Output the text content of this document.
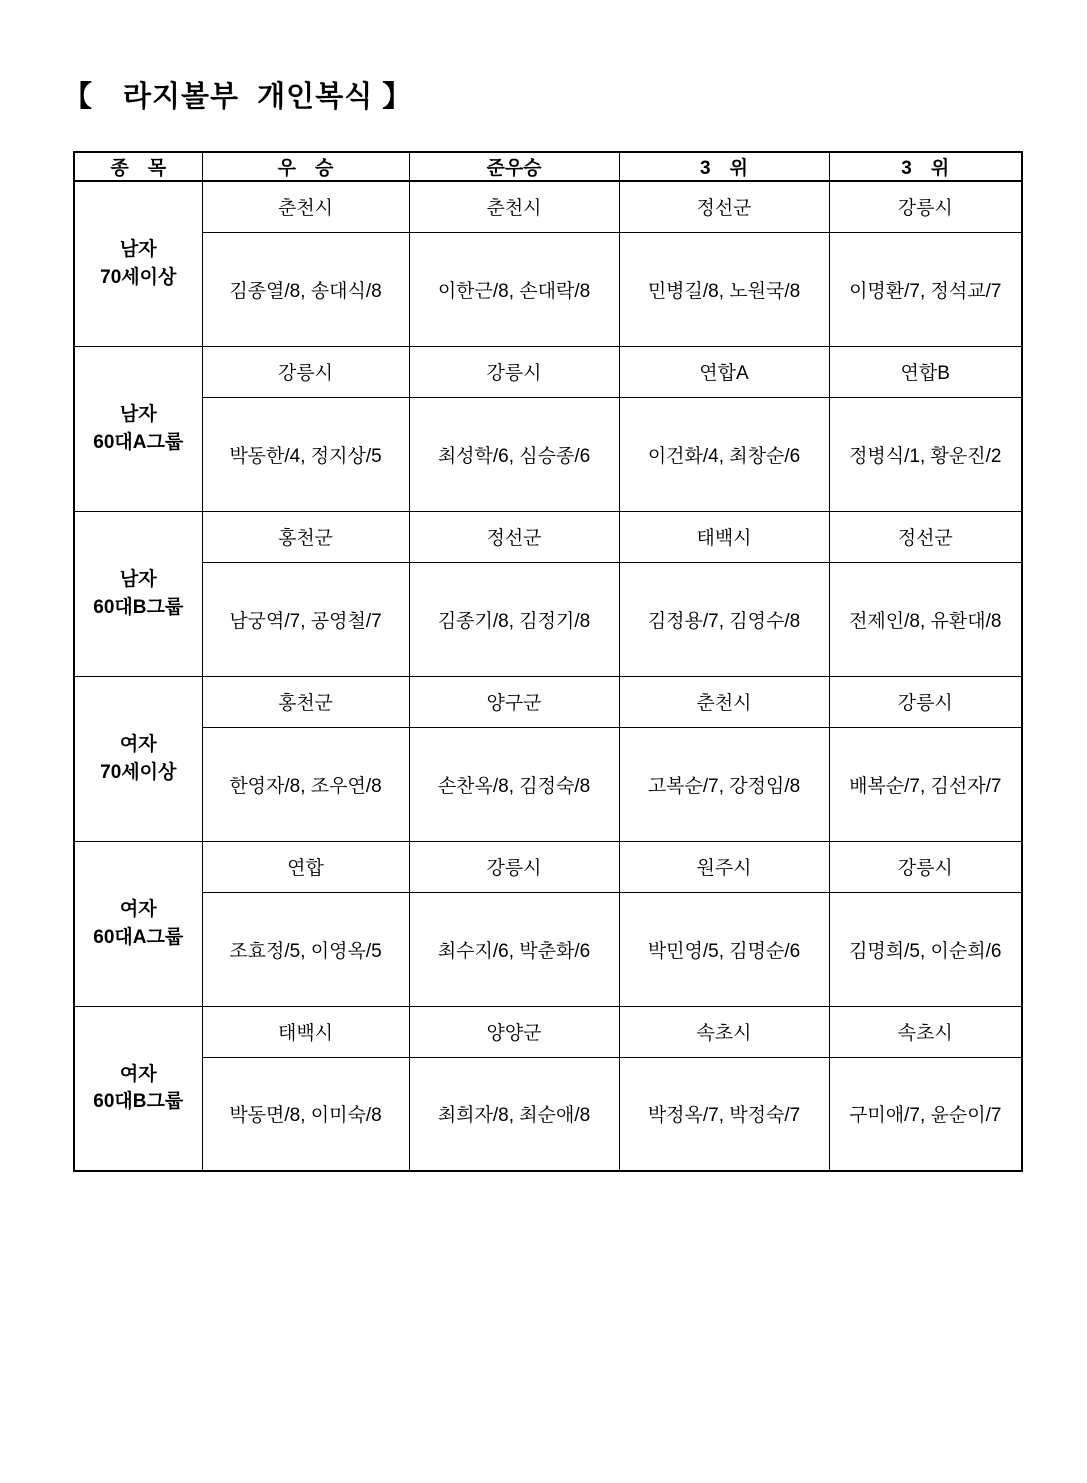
【　라지볼부  개인복식 】
종　목	우　승	준우승	3　위	3　위

남자
70세이상	춘천시	춘천시	정선군	강릉시
	김종열/8, 송대식/8	이한근/8, 손대락/8	민병길/8, 노원국/8	이명환/7, 정석교/7

남자
60대A그룹	강릉시	강릉시	연합A	연합B
	박동한/4, 정지상/5	최성학/6, 심승종/6	이건화/4, 최창순/6	정병식/1, 황운진/2

남자
60대B그룹	홍천군	정선군	태백시	정선군
	남궁역/7, 공영철/7	김종기/8, 김정기/8	김정용/7, 김영수/8	전제인/8, 유환대/8

여자
70세이상	홍천군	양구군	춘천시	강릉시
	한영자/8, 조우연/8	손찬옥/8, 김정숙/8	고복순/7, 강정임/8	배복순/7, 김선자/7

여자
60대A그룹	연합	강릉시	원주시	강릉시
	조효정/5, 이영옥/5	최수지/6, 박춘화/6	박민영/5, 김명순/6	김명희/5, 이순희/6

여자
60대B그룹	태백시	양양군	속초시	속초시
	박동면/8, 이미숙/8	최희자/8, 최순애/8	박정옥/7, 박정숙/7	구미애/7, 윤순이/7
